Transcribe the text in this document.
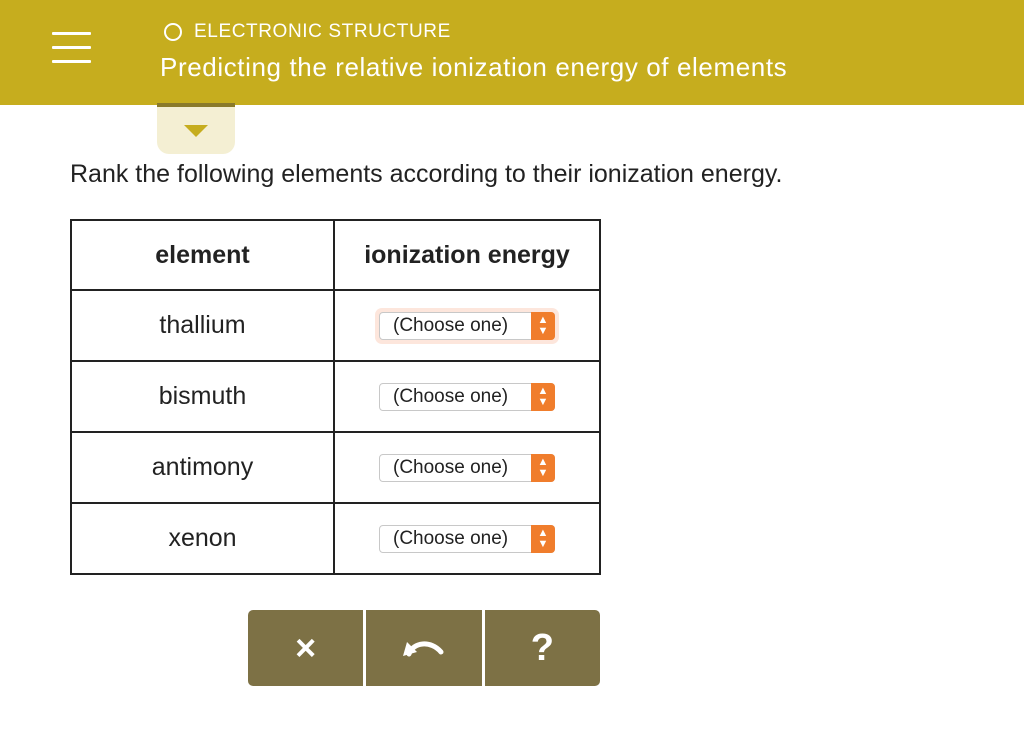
ELECTRONIC STRUCTURE
Predicting the relative ionization energy of elements
Rank the following elements according to their ionization energy.
element	ionization energy
thallium	(Choose one) ▲
▼

bismuth	(Choose one) ▲
▼

antimony	(Choose one) ▲
▼

xenon	(Choose one) ▲
▼
×	?
